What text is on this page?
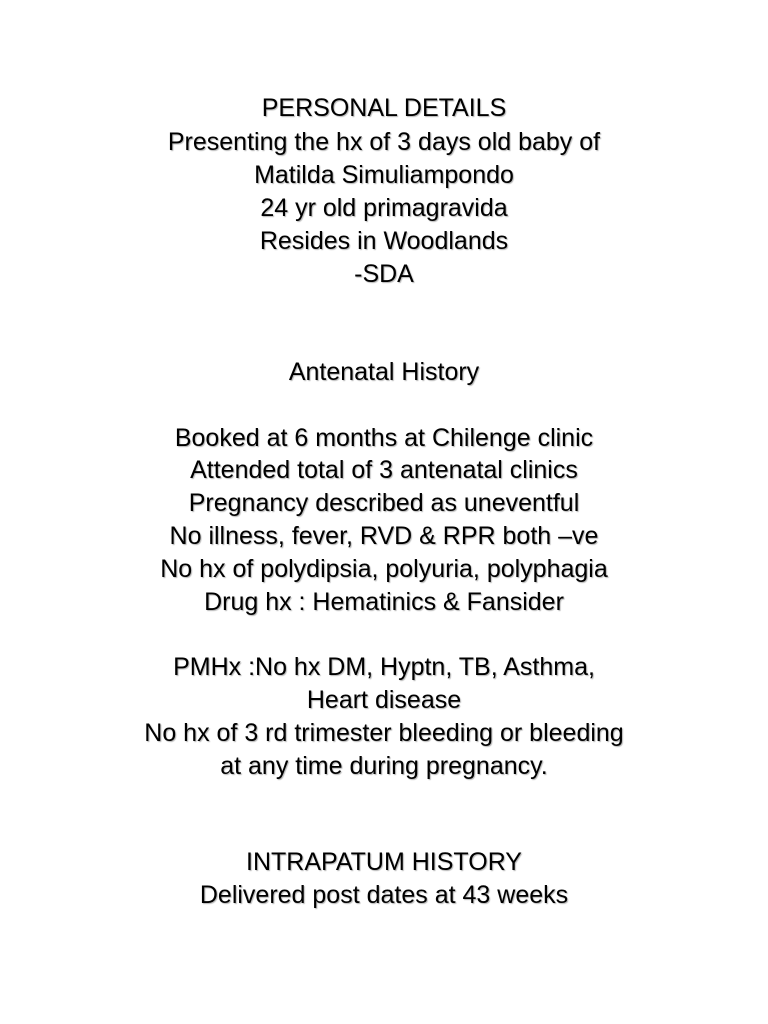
PERSONAL DETAILS
Presenting the hx of 3 days old baby of
Matilda Simuliampondo
24 yr old primagravida
Resides in Woodlands
-SDA
Antenatal History
Booked at 6 months at Chilenge clinic
Attended total of 3 antenatal clinics
Pregnancy described as uneventful
No illness, fever, RVD & RPR both –ve
No hx of polydipsia, polyuria, polyphagia
Drug hx : Hematinics & Fansider
PMHx :No hx DM, Hyptn, TB, Asthma,
Heart disease
No hx of 3 rd trimester bleeding or bleeding
at any time during pregnancy.
INTRAPATUM HISTORY
Delivered post dates at 43 weeks
